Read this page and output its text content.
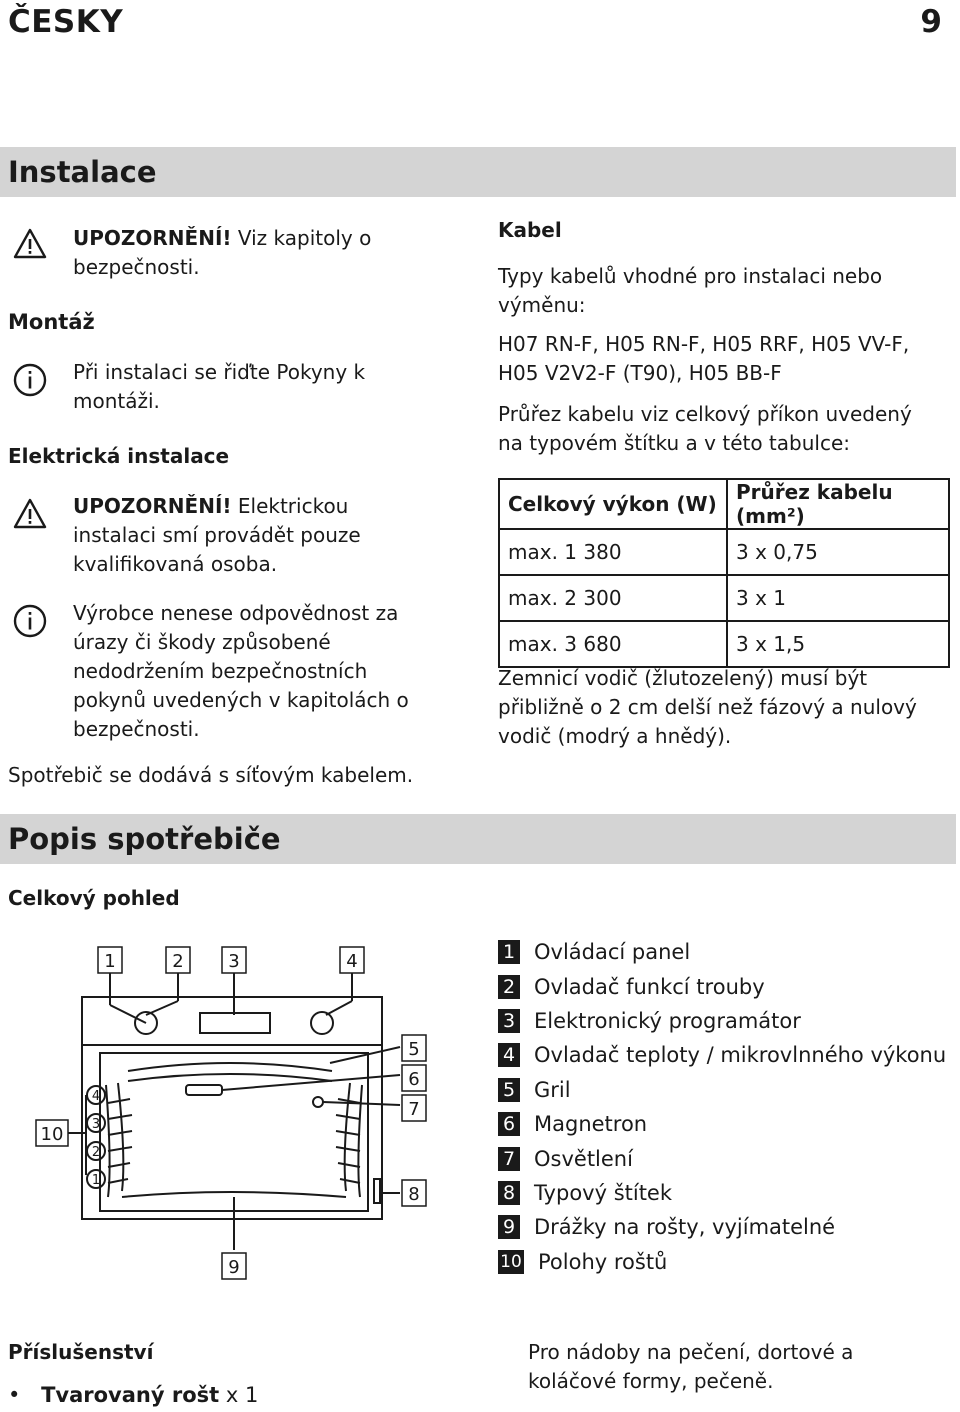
ČESKY	9
Instalace
UPOZORNĚNÍ! Viz kapitoly o
bezpečnosti.
Montáž
Při instalaci se řiďte Pokyny k
montáži.
Elektrická instalace
UPOZORNĚNÍ! Elektrickou
instalaci smí provádět pouze
kvalifikovaná osoba.
Výrobce nenese odpovědnost za
úrazy či škody způsobené
nedodržením bezpečnostních
pokynů uvedených v kapitolách o
bezpečnosti.
Spotřebič se dodává s síťovým kabelem.
Kabel
Typy kabelů vhodné pro instalaci nebo
výměnu:
H07 RN-F, H05 RN-F, H05 RRF, H05 VV-F,
H05 V2V2-F (T90), H05 BB-F
Průřez kabelu viz celkový příkon uvedený
na typovém štítku a v této tabulce:
Celkový výkon (W)	Průřez kabelu (mm²)
max. 1 380	3 x 0,75
max. 2 300	3 x 1
max. 3 680	3 x 1,5
Zemnicí vodič (žlutozelený) musí být
přibližně o 2 cm delší než fázový a nulový
vodič (modrý a hnědý).
Popis spotřebiče
Celkový pohled
4
3
2
1
1	2 3	4
5
6
7
8
9
10
1 Ovládací panel
2 Ovladač funkcí trouby
3 Elektronický programátor
4 Ovladač teploty / mikrovlnného výkonu
5 Gril
6 Magnetron
7 Osvětlení
8 Typový štítek
9 Drážky na rošty, vyjímatelné
10 Polohy roštů
Příslušenství
• Tvarovaný rošt x 1
Pro nádoby na pečení, dortové a
koláčové formy, pečeně.
